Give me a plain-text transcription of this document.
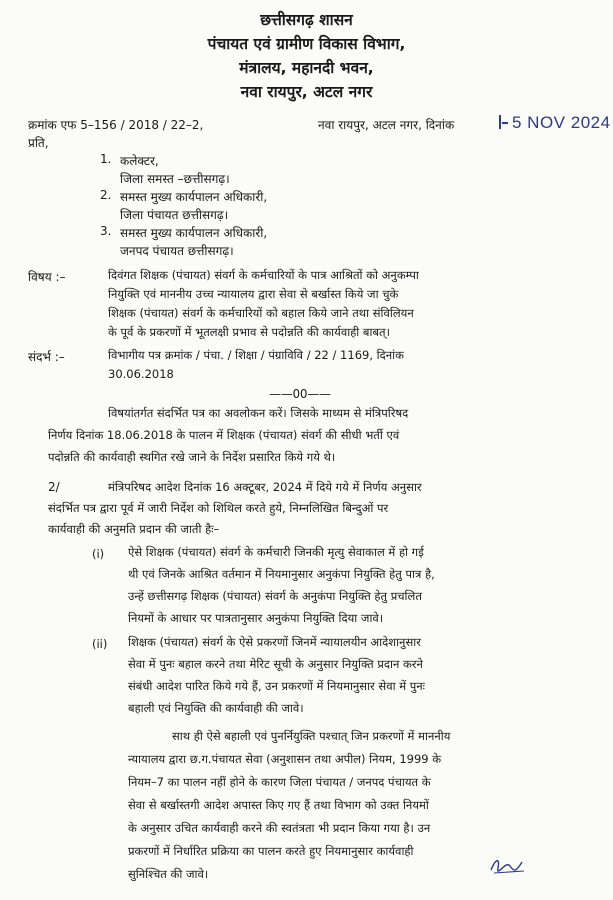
छत्तीसगढ़ शासन
पंचायत एवं ग्रामीण विकास विभाग,
मंत्रालय, महानदी भवन,
नवा रायपुर, अटल नगर
क्रमांक एफ 5–156 / 2018 / 22–2,	नवा रायपुर, अटल नगर, दिनांक	5 NOV 2024
प्रति,
1. कलेक्टर,
जिला समस्त –छत्तीसगढ़।
2. समस्त मुख्य कार्यपालन अधिकारी,
जिला पंचायत छत्तीसगढ़।
3. समस्त मुख्य कार्यपालन अधिकारी,
जनपद पंचायत छत्तीसगढ़।
विषय :–	दिवंगत शिक्षक (पंचायत) संवर्ग के कर्मचारियों के पात्र आश्रितों को अनुकम्पा
नियुक्ति एवं माननीय उच्च न्यायालय द्वारा सेवा से बर्खास्त किये जा चुके
शिक्षक (पंचायत) संवर्ग के कर्मचारियों को बहाल किये जाने तथा संविलियन
के पूर्व के प्रकरणों में भूतलक्षी प्रभाव से पदोन्नति की कार्यवाही बाबत्।
संदर्भ :–	विभागीय पत्र क्रमांक / पंचा. / शिक्षा / पंग्राविवि / 22 / 1169, दिनांक
30.06.2018
——00——
विषयांतर्गत संदर्भित पत्र का अवलोकन करें। जिसके माध्यम से मंत्रिपरिषद
निर्णय दिनांक 18.06.2018 के पालन में शिक्षक (पंचायत) संवर्ग की सीधी भर्ती एवं
पदोन्नति की कार्यवाही स्थगित रखे जाने के निर्देश प्रसारित किये गये थे।
2/	मंत्रिपरिषद आदेश दिनांक 16 अक्टूबर, 2024 में दिये गये में निर्णय अनुसार
संदर्भित पत्र द्वारा पूर्व में जारी निर्देश को शिथिल करते हुये, निम्नलिखित बिन्दुओं पर
कार्यवाही की अनुमति प्रदान की जाती हैः–
(i) ऐसे शिक्षक (पंचायत) संवर्ग के कर्मचारी जिनकी मृत्यु सेवाकाल में हो गई
थी एवं जिनके आश्रित वर्तमान में नियमानुसार अनुकंपा नियुक्ति हेतु पात्र है,
उन्हें छत्तीसगढ़ शिक्षक (पंचायत) संवर्ग के अनुकंपा नियुक्ति हेतु प्रचलित
नियमों के आधार पर पात्रतानुसार अनुकंपा नियुक्ति दिया जावे।
(ii) शिक्षक (पंचायत) संवर्ग के ऐसे प्रकरणों जिनमें न्यायालयीन आदेशानुसार
सेवा में पुनः बहाल करने तथा मेरिट सूची के अनुसार नियुक्ति प्रदान करने
संबंधी आदेश पारित किये गये हैं, उन प्रकरणों में नियमानुसार सेवा में पुनः
बहाली एवं नियुक्ति की कार्यवाही की जावे।
साथ ही ऐसे बहाली एवं पुनर्नियुक्ति पश्चात् जिन प्रकरणों में माननीय
न्यायालय द्वारा छ.ग.पंचायत सेवा (अनुशासन तथा अपील) नियम, 1999 के
नियम–7 का पालन नहीं होने के कारण जिला पंचायत / जनपद पंचायत के
सेवा से बर्खास्तगी आदेश अपास्त किए गए हैं तथा विभाग को उक्त नियमों
के अनुसार उचित कार्यवाही करने की स्वतंत्रता भी प्रदान किया गया है। उन
प्रकरणों में निर्धारित प्रक्रिया का पालन करते हुए नियमानुसार कार्यवाही
सुनिश्चित की जावे।
